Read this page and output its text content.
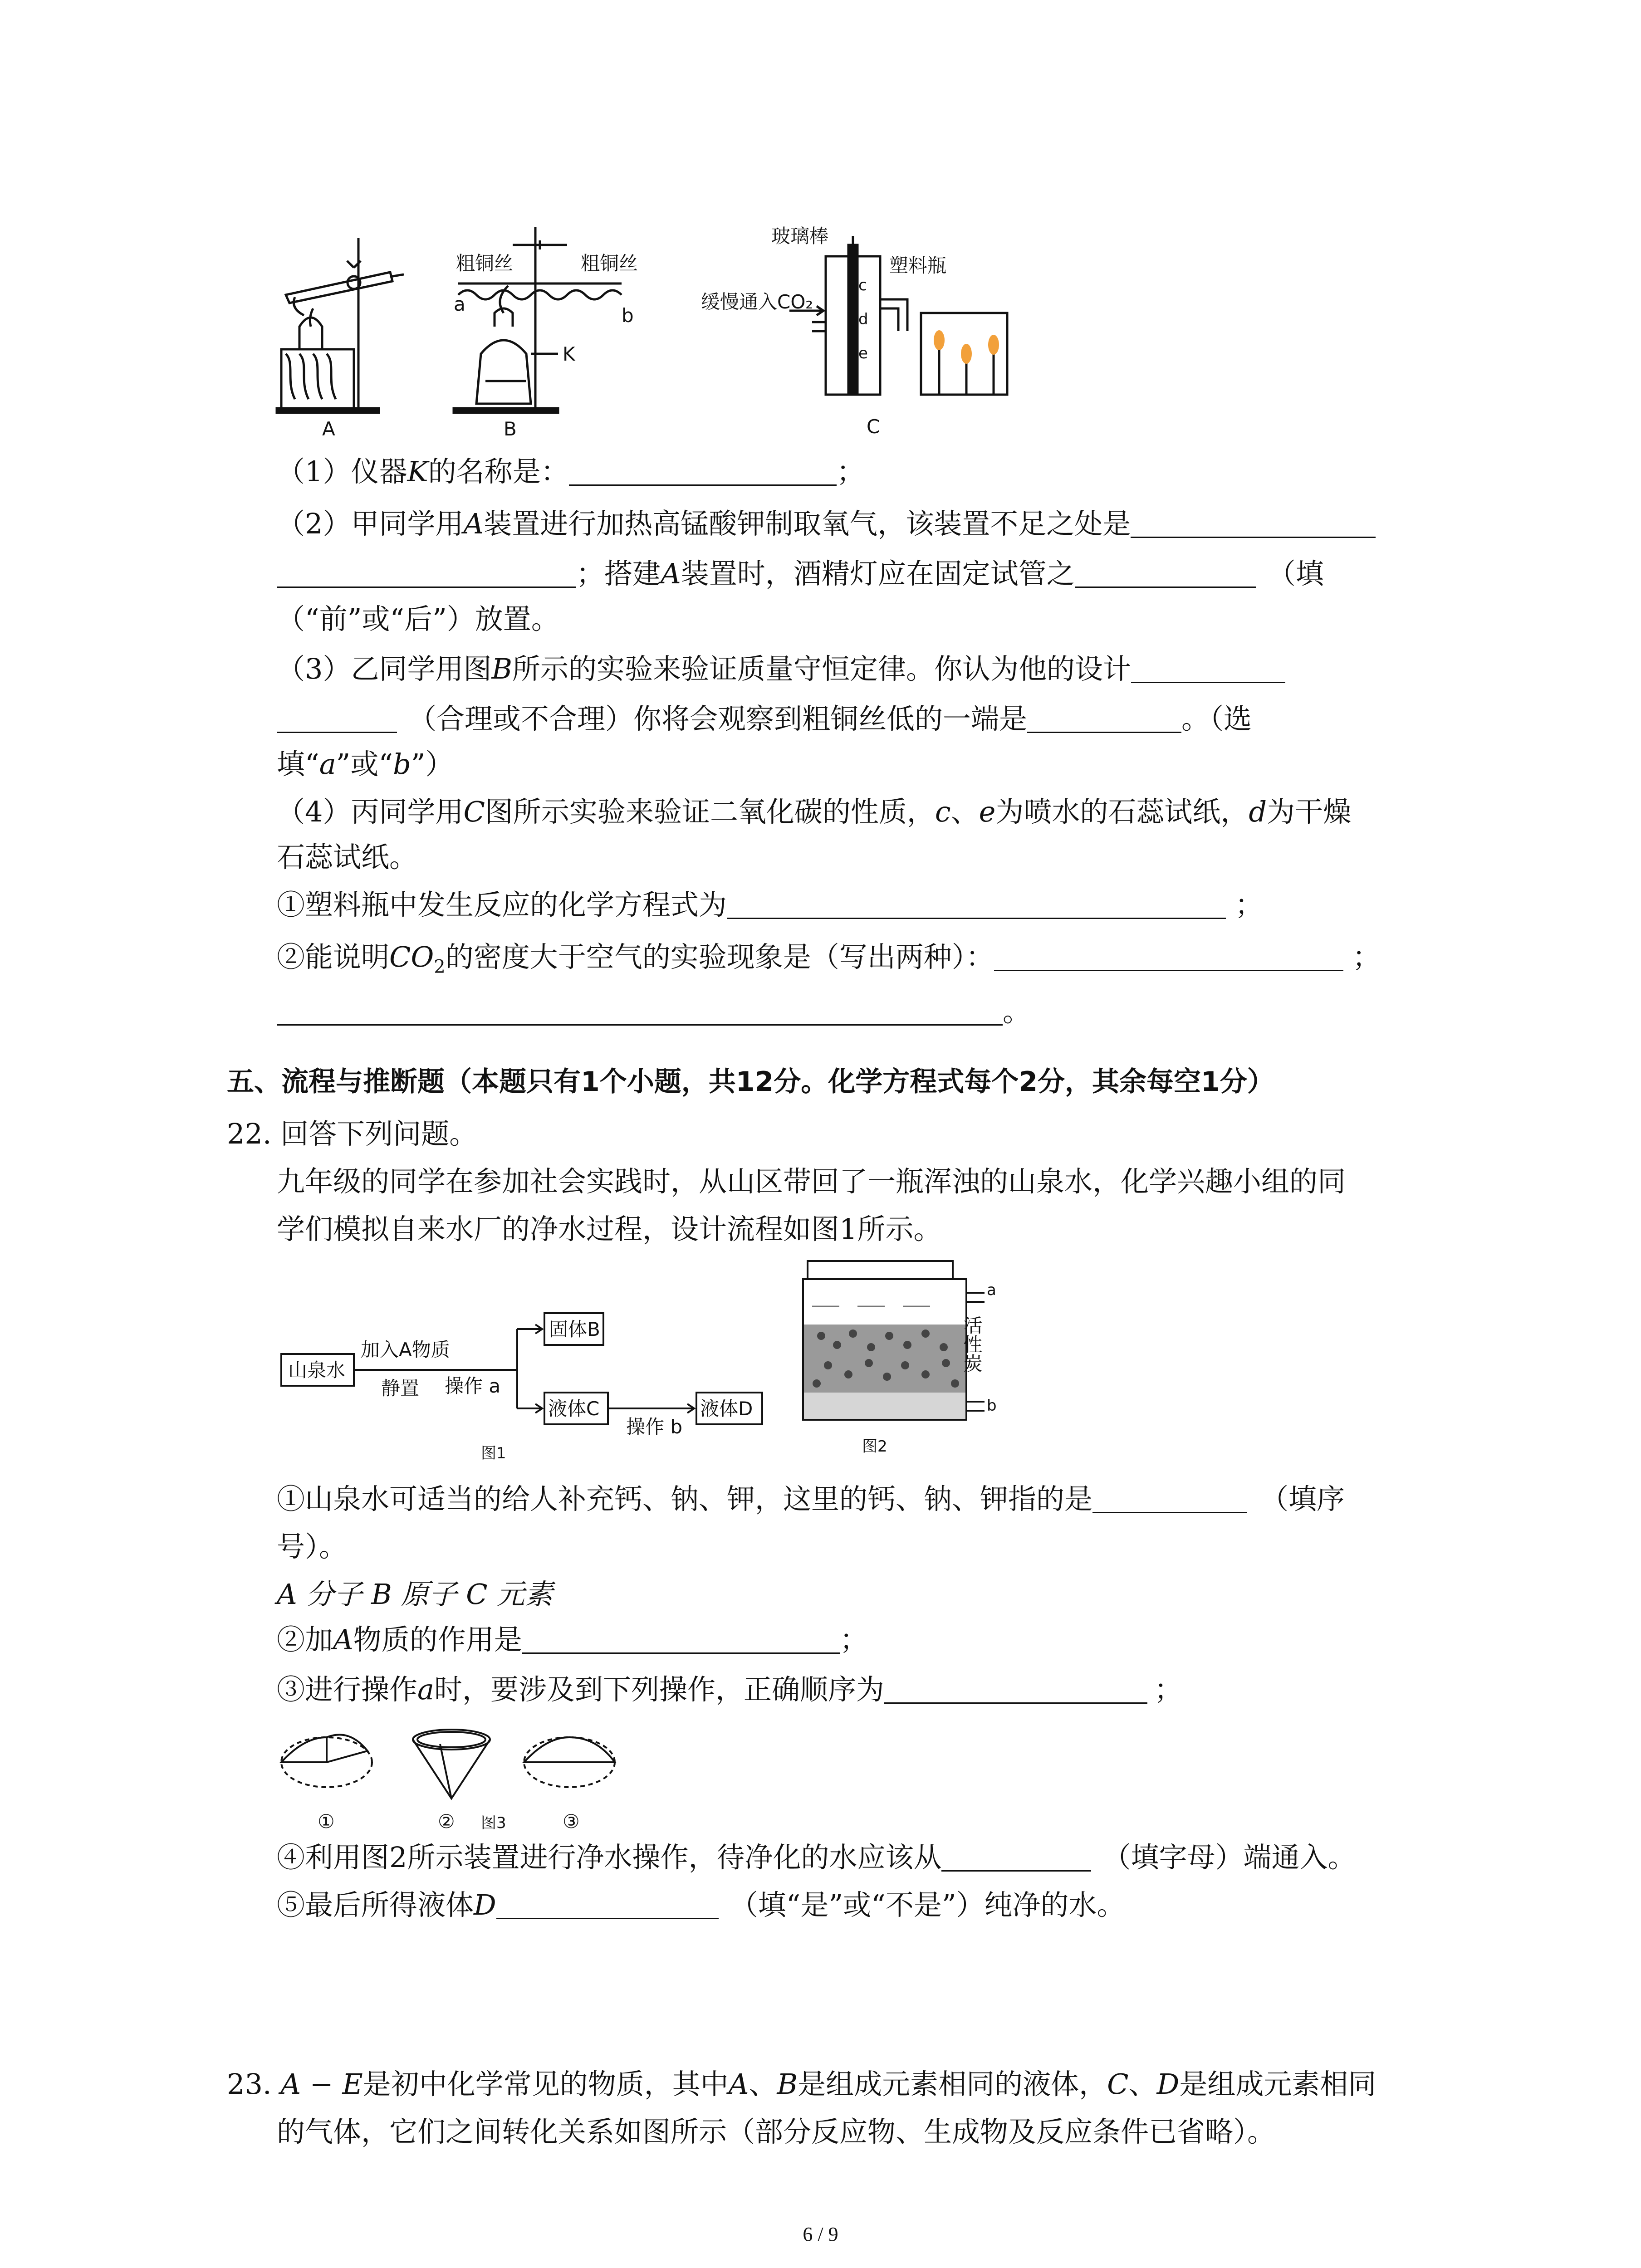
A
粗铜丝	粗铜丝
a
b
K
B
玻璃棒
塑料瓶
缓慢通入CO₂
c
d
e
C
（1）仪器K的名称是：	；
（2）甲同学用A装置进行加热高锰酸钾制取氧气，该装置不足之处是
；搭建A装置时，酒精灯应在固定试管之	（填
（“前”或“后”）放置。
（3）乙同学用图B所示的实验来验证质量守恒定律。你认为他的设计
（合理或不合理）你将会观察到粗铜丝低的一端是	。（选
填“a”或“b”）
（4）丙同学用C图所示实验来验证二氧化碳的性质，c、e为喷水的石蕊试纸，d为干燥
石蕊试纸。
①塑料瓶中发生反应的化学方程式为	；
②能说明$CO_2$的密度大于空气的实验现象是（写出两种）：	；
。
五、流程与推断题（本题只有1个小题，共12分。化学方程式每个2分，其余每空1分）
22. 回答下列问题。
九年级的同学在参加社会实践时，从山区带回了一瓶浑浊的山泉水，化学兴趣小组的同
学们模拟自来水厂的净水过程，设计流程如图1所示。
山泉水
加入A物质
静置 操作 a
固体B
液体C
操作 b
液体D
图1
a
b
活性炭
图2
①山泉水可适当的给人补充钙、钠、钾，这里的钙、钠、钾指的是	（填序
号）。
A 分子 B 原子 C 元素
②加A物质的作用是	；
③进行操作a时，要涉及到下列操作，正确顺序为	；
①	② 图3	③
④利用图2所示装置进行净水操作，待净化的水应该从	（填字母）端通入。
⑤最后所得液体D	（填“是”或“不是”）纯净的水。
23. A − E是初中化学常见的物质，其中A、B是组成元素相同的液体，C、D是组成元素相同
的气体，它们之间转化关系如图所示（部分反应物、生成物及反应条件已省略）。
6 / 9
